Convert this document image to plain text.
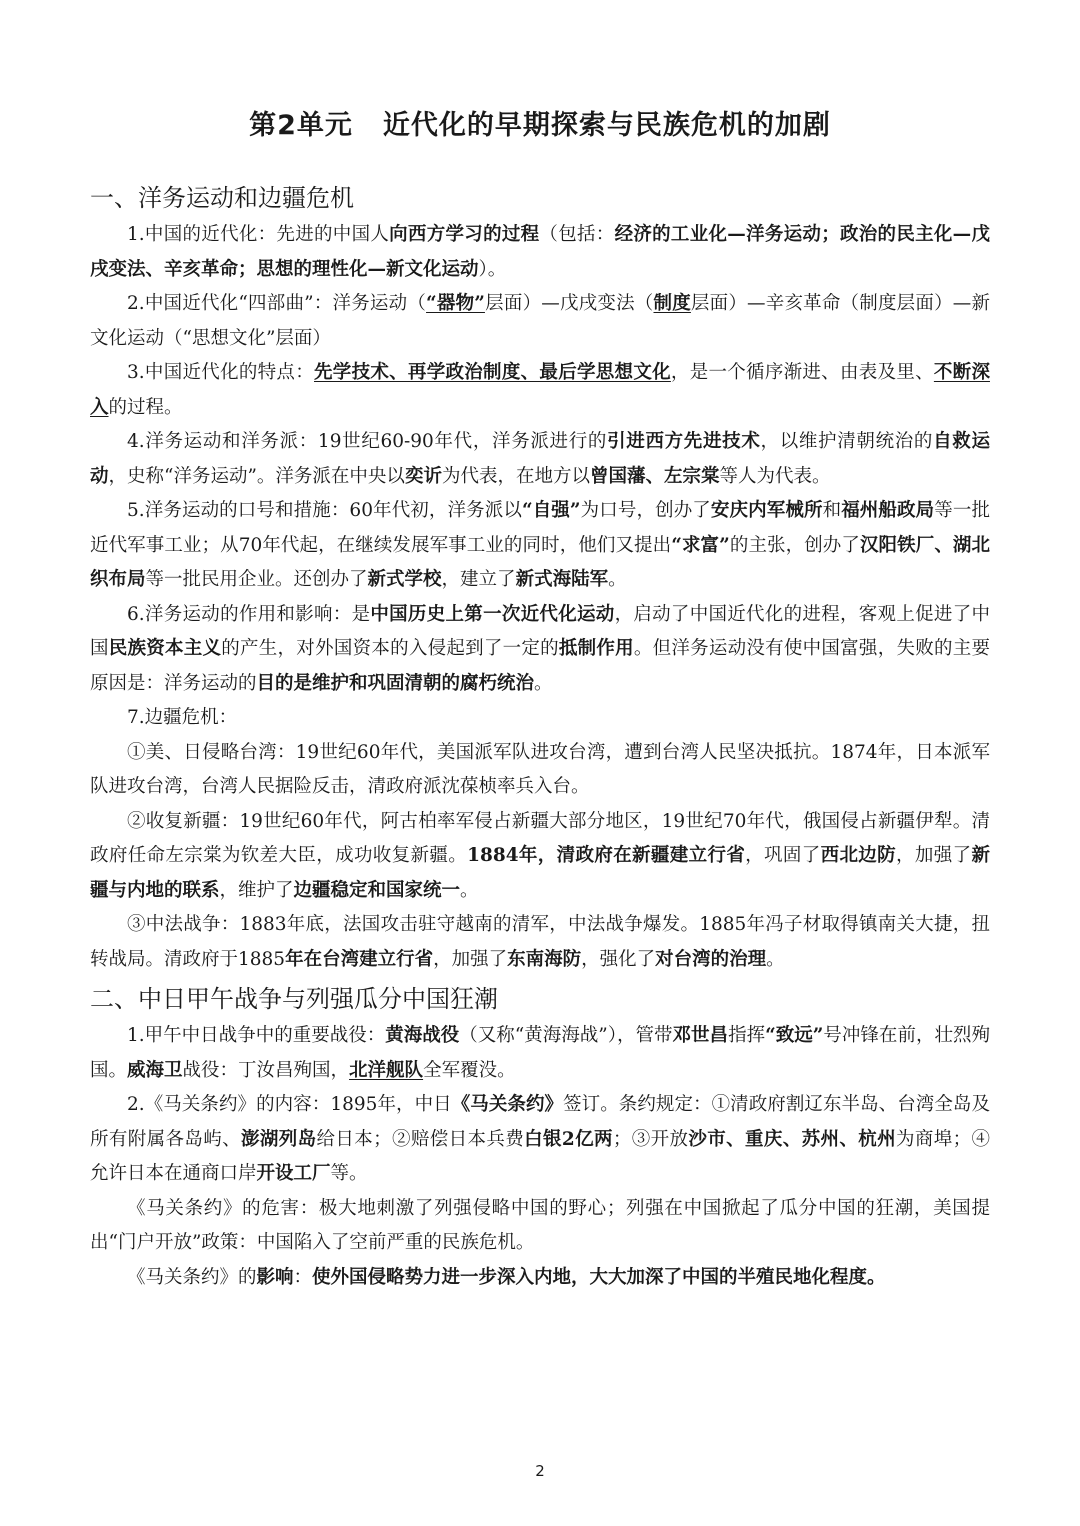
第2单元 近代化的早期探索与民族危机的加剧
一、洋务运动和边疆危机

1.中国的近代化：先进的中国人向西方学习的过程（包括：经济的工业化—洋务运动；政治的民主化—戊戌变法、辛亥革命；思想的理性化—新文化运动）。

2.中国近代化“四部曲”：洋务运动（“器物”层面）—戊戌变法（制度层面）—辛亥革命（制度层面）—新文化运动（“思想文化”层面）

3.中国近代化的特点：先学技术、再学政治制度、最后学思想文化，是一个循序渐进、由表及里、不断深入的过程。

4.洋务运动和洋务派：19世纪60-90年代，洋务派进行的引进西方先进技术，以维护清朝统治的自救运动，史称“洋务运动”。洋务派在中央以奕䜣为代表，在地方以曾国藩、左宗棠等人为代表。

5.洋务运动的口号和措施：60年代初，洋务派以“自强”为口号，创办了安庆内军械所和福州船政局等一批近代军事工业；从70年代起，在继续发展军事工业的同时，他们又提出“求富”的主张，创办了汉阳铁厂、湖北织布局等一批民用企业。还创办了新式学校，建立了新式海陆军。

6.洋务运动的作用和影响：是中国历史上第一次近代化运动，启动了中国近代化的进程，客观上促进了中国民族资本主义的产生，对外国资本的入侵起到了一定的抵制作用。但洋务运动没有使中国富强，失败的主要原因是：洋务运动的目的是维护和巩固清朝的腐朽统治。

7.边疆危机：

①美、日侵略台湾：19世纪60年代，美国派军队进攻台湾，遭到台湾人民坚决抵抗。1874年，日本派军队进攻台湾，台湾人民据险反击，清政府派沈葆桢率兵入台。

②收复新疆：19世纪60年代，阿古柏率军侵占新疆大部分地区，19世纪70年代，俄国侵占新疆伊犁。清政府任命左宗棠为钦差大臣，成功收复新疆。1884年，清政府在新疆建立行省，巩固了西北边防，加强了新疆与内地的联系，维护了边疆稳定和国家统一。

③中法战争：1883年底，法国攻击驻守越南的清军，中法战争爆发。1885年冯子材取得镇南关大捷，扭转战局。清政府于1885年在台湾建立行省，加强了东南海防，强化了对台湾的治理。

二、中日甲午战争与列强瓜分中国狂潮

1.甲午中日战争中的重要战役：黄海战役（又称“黄海海战”），管带邓世昌指挥“致远”号冲锋在前，壮烈殉国。威海卫战役：丁汝昌殉国，北洋舰队全军覆没。

2.《马关条约》的内容：1895年，中日《马关条约》签订。条约规定：①清政府割辽东半岛、台湾全岛及所有附属各岛屿、澎湖列岛给日本；②赔偿日本兵费白银2亿两；③开放沙市、重庆、苏州、杭州为商埠；④允许日本在通商口岸开设工厂等。

《马关条约》的危害：极大地刺激了列强侵略中国的野心；列强在中国掀起了瓜分中国的狂潮，美国提出“门户开放”政策：中国陷入了空前严重的民族危机。

《马关条约》的影响：使外国侵略势力进一步深入内地，大大加深了中国的半殖民地化程度。

2
